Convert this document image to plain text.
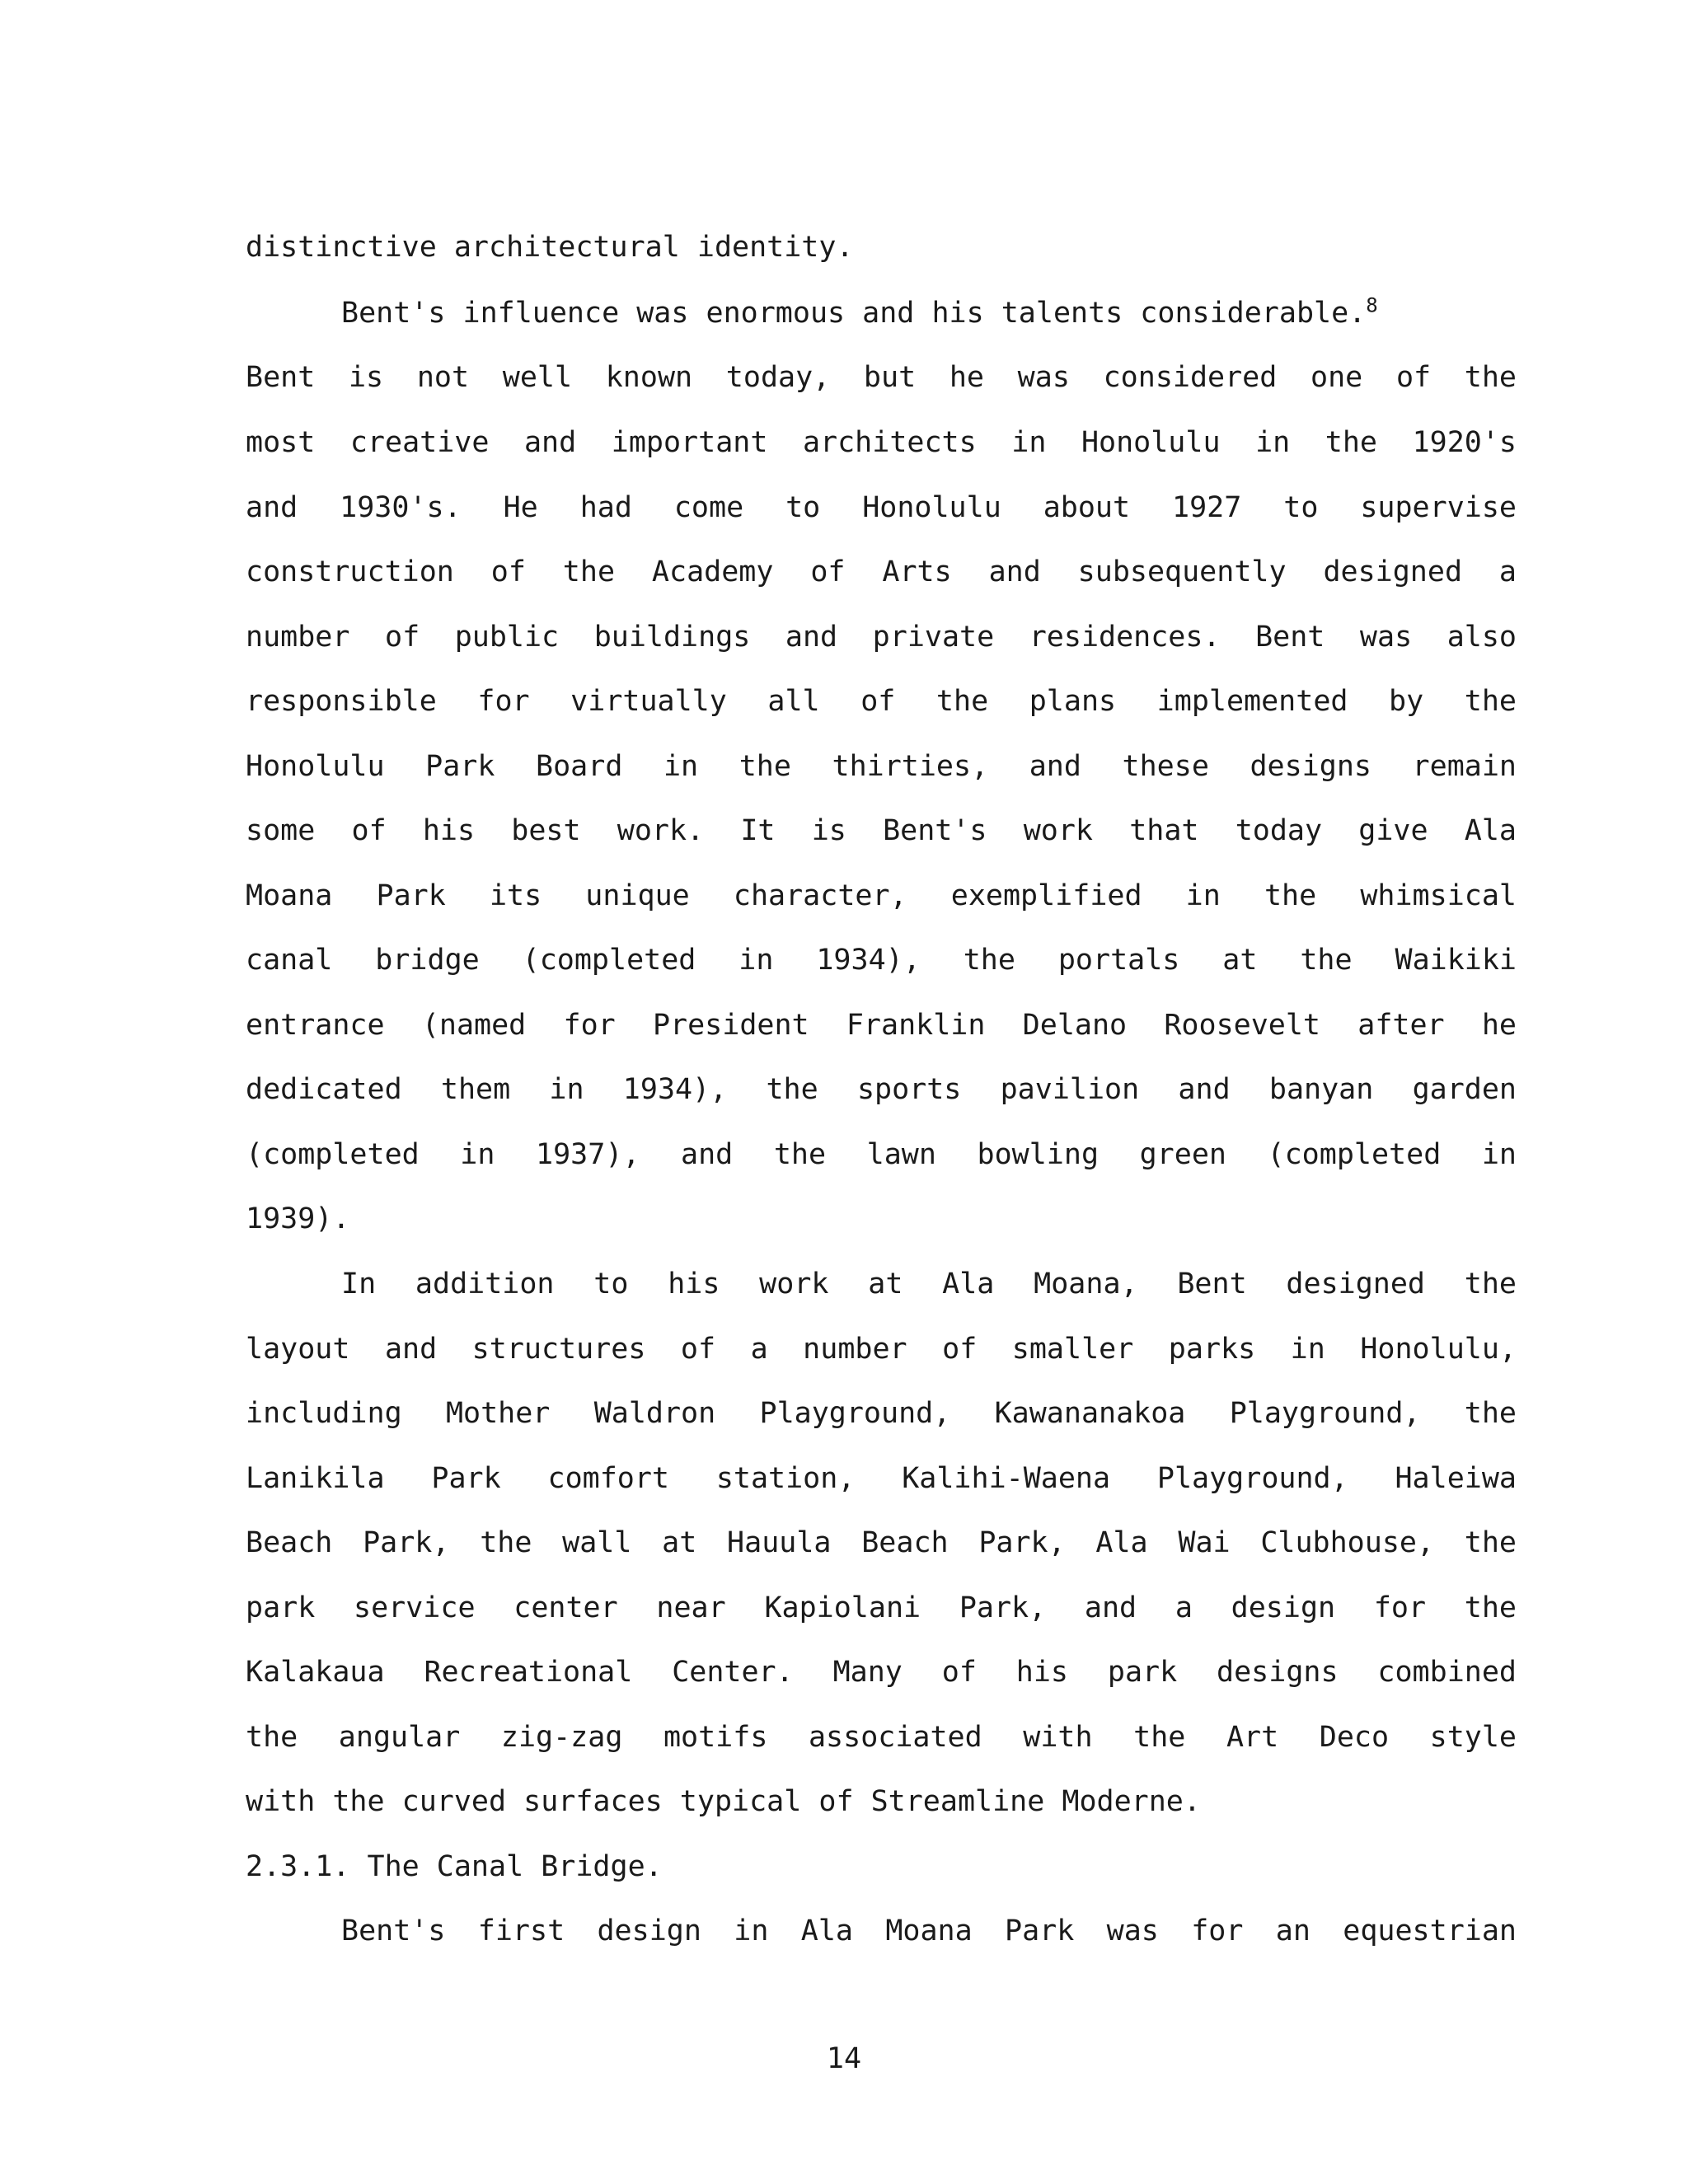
distinctive architectural identity.
Bent's influence was enormous and his talents considerable.$^8$
Bent is not well known today, but he was considered one of the
most creative and important architects in Honolulu in the 1920's
and 1930's. He had come to Honolulu about 1927 to supervise
construction of the Academy of Arts and subsequently designed a
number of public buildings and private residences. Bent was also
responsible for virtually all of the plans implemented by the
Honolulu Park Board in the thirties, and these designs remain
some of his best work. It is Bent's work that today give Ala
Moana Park its unique character, exemplified in the whimsical
canal bridge (completed in 1934), the portals at the Waikiki
entrance (named for President Franklin Delano Roosevelt after he
dedicated them in 1934), the sports pavilion and banyan garden
(completed in 1937), and the lawn bowling green (completed in
1939).
In addition to his work at Ala Moana, Bent designed the
layout and structures of a number of smaller parks in Honolulu,
including Mother Waldron Playground, Kawananakoa Playground, the
Lanikila Park comfort station, Kalihi-Waena Playground, Haleiwa
Beach Park, the wall at Hauula Beach Park, Ala Wai Clubhouse, the
park service center near Kapiolani Park, and a design for the
Kalakaua Recreational Center. Many of his park designs combined
the angular zig-zag motifs associated with the Art Deco style
with the curved surfaces typical of Streamline Moderne.
2.3.1. The Canal Bridge.
Bent's first design in Ala Moana Park was for an equestrian
14
